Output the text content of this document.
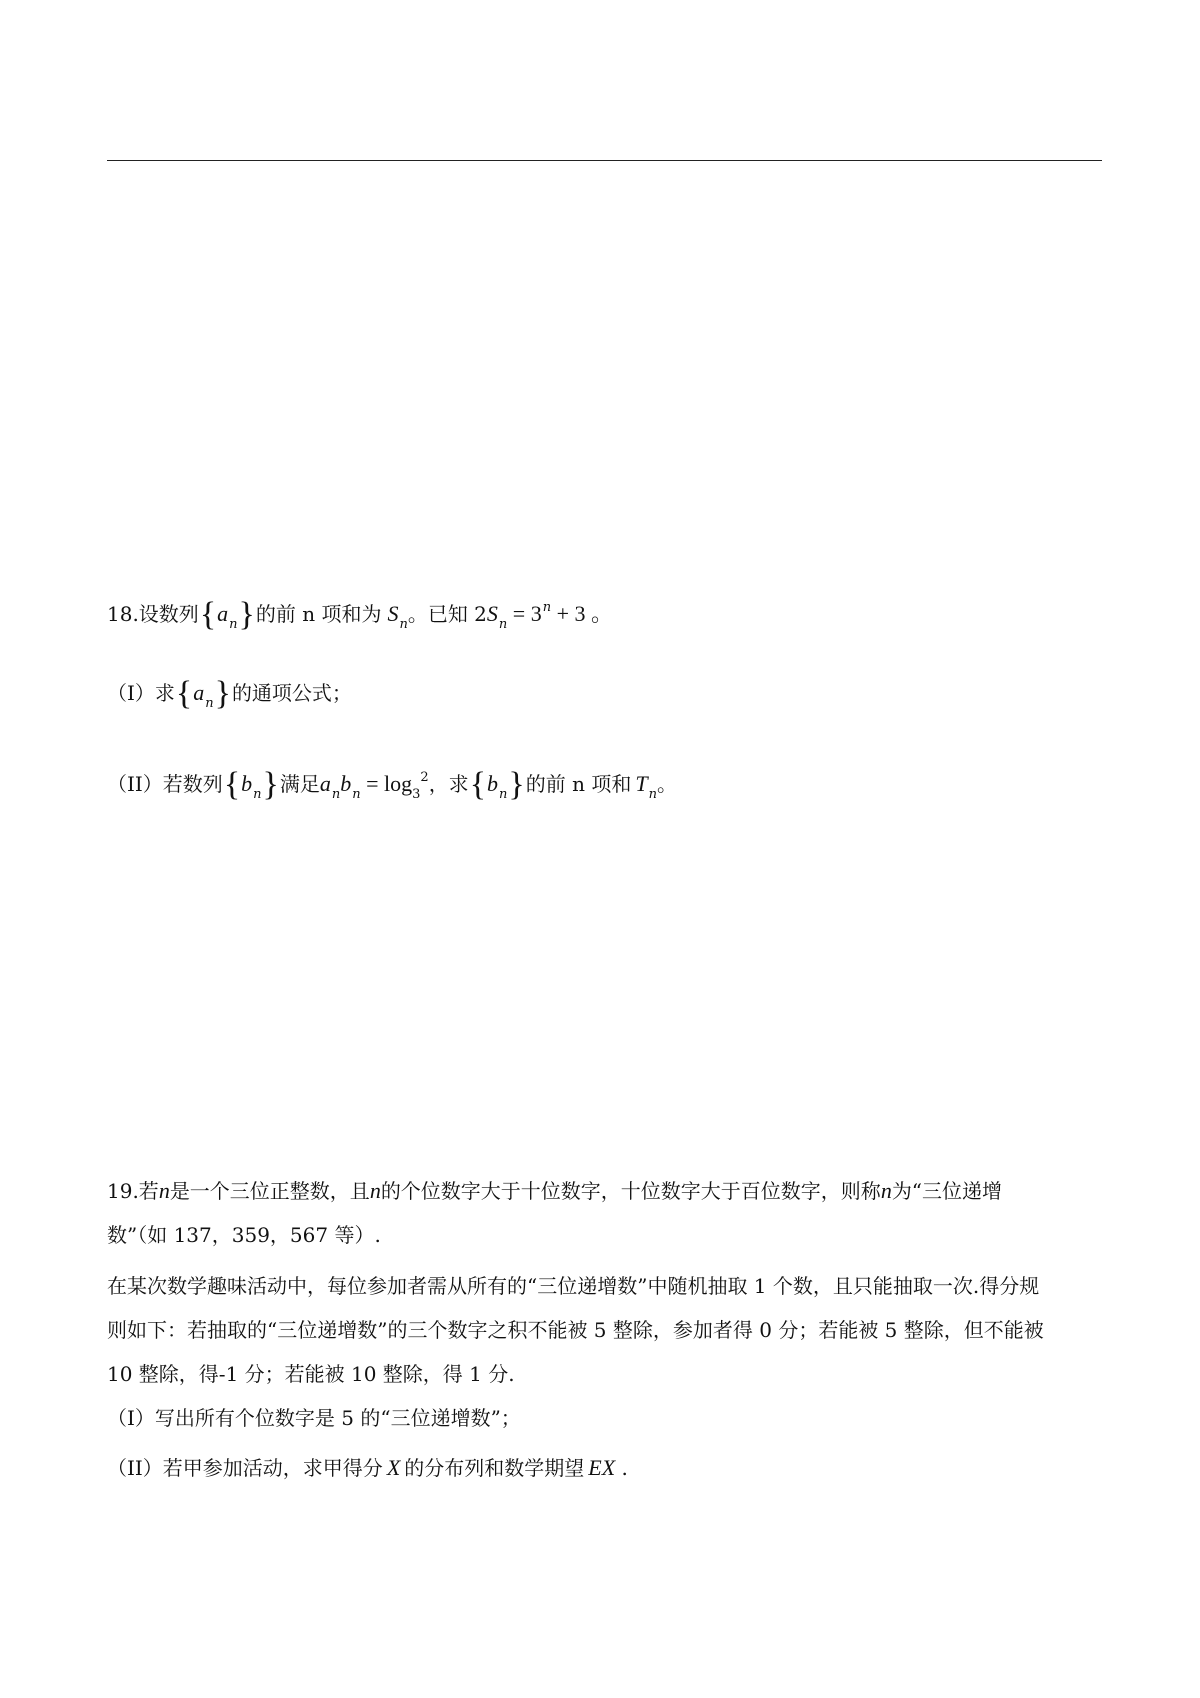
18.设数列$\{a_n\}$的前 n 项和为 $S_n$。已知 $2S_n = 3^n + 3$ 。
（I）求$\{a_n\}$的通项公式；
（II）若数列$\{b_n\}$满足$a_nb_n = \log_3^2$，求$\{b_n\}$的前 n 项和 $T_n$。
19.若n是一个三位正整数，且n的个位数字大于十位数字，十位数字大于百位数字，则称n为“三位递增
数”（如 137，359，567 等）.
在某次数学趣味活动中，每位参加者需从所有的“三位递增数”中随机抽取 1 个数，且只能抽取一次.得分规
则如下：若抽取的“三位递增数”的三个数字之积不能被 5 整除，参加者得 0 分；若能被 5 整除，但不能被
10 整除，得-1 分；若能被 10 整除，得 1 分.
（I）写出所有个位数字是 5 的“三位递增数”；
（II）若甲参加活动，求甲得分 X 的分布列和数学期望 EX .
